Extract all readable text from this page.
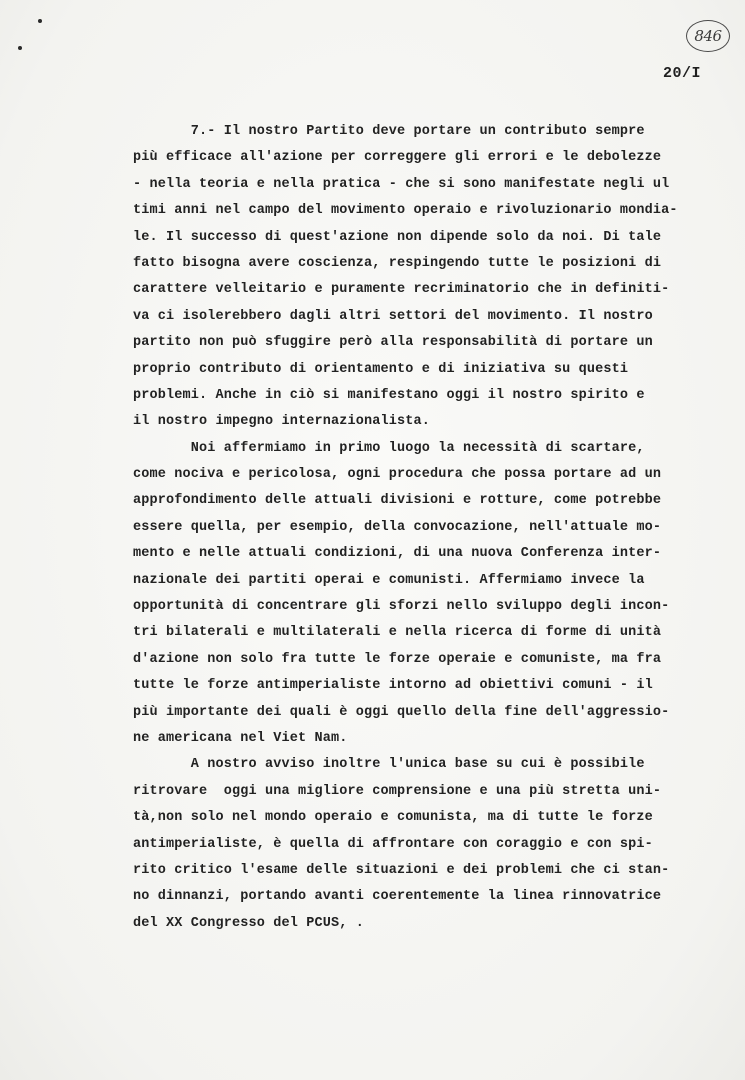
846
20/I
7.- Il nostro Partito deve portare un contributo sempre
più efficace all'azione per correggere gli errori e le debolezze
- nella teoria e nella pratica - che si sono manifestate negli ul
timi anni nel campo del movimento operaio e rivoluzionario mondia-
le. Il successo di quest'azione non dipende solo da noi. Di tale
fatto bisogna avere coscienza, respingendo tutte le posizioni di
carattere velleitario e puramente recriminatorio che in definiti-
va ci isolerebbero dagli altri settori del movimento. Il nostro
partito non può sfuggire però alla responsabilità di portare un
proprio contributo di orientamento e di iniziativa su questi
problemi. Anche in ciò si manifestano oggi il nostro spirito e
il nostro impegno internazionalista.
Noi affermiamo in primo luogo la necessità di scartare,
come nociva e pericolosa, ogni procedura che possa portare ad un
approfondimento delle attuali divisioni e rotture, come potrebbe
essere quella, per esempio, della convocazione, nell'attuale mo-
mento e nelle attuali condizioni, di una nuova Conferenza inter-
nazionale dei partiti operai e comunisti. Affermiamo invece la
opportunità di concentrare gli sforzi nello sviluppo degli incon-
tri bilaterali e multilaterali e nella ricerca di forme di unità
d'azione non solo fra tutte le forze operaie e comuniste, ma fra
tutte le forze antimperialiste intorno ad obiettivi comuni - il
più importante dei quali è oggi quello della fine dell'aggressio-
ne americana nel Viet Nam.
A nostro avviso inoltre l'unica base su cui è possibile
ritrovare  oggi una migliore comprensione e una più stretta uni-
tà,non solo nel mondo operaio e comunista, ma di tutte le forze
antimperialiste, è quella di affrontare con coraggio e con spi-
rito critico l'esame delle situazioni e dei problemi che ci stan-
no dinnanzi, portando avanti coerentemente la linea rinnovatrice
del XX Congresso del PCUS, .
